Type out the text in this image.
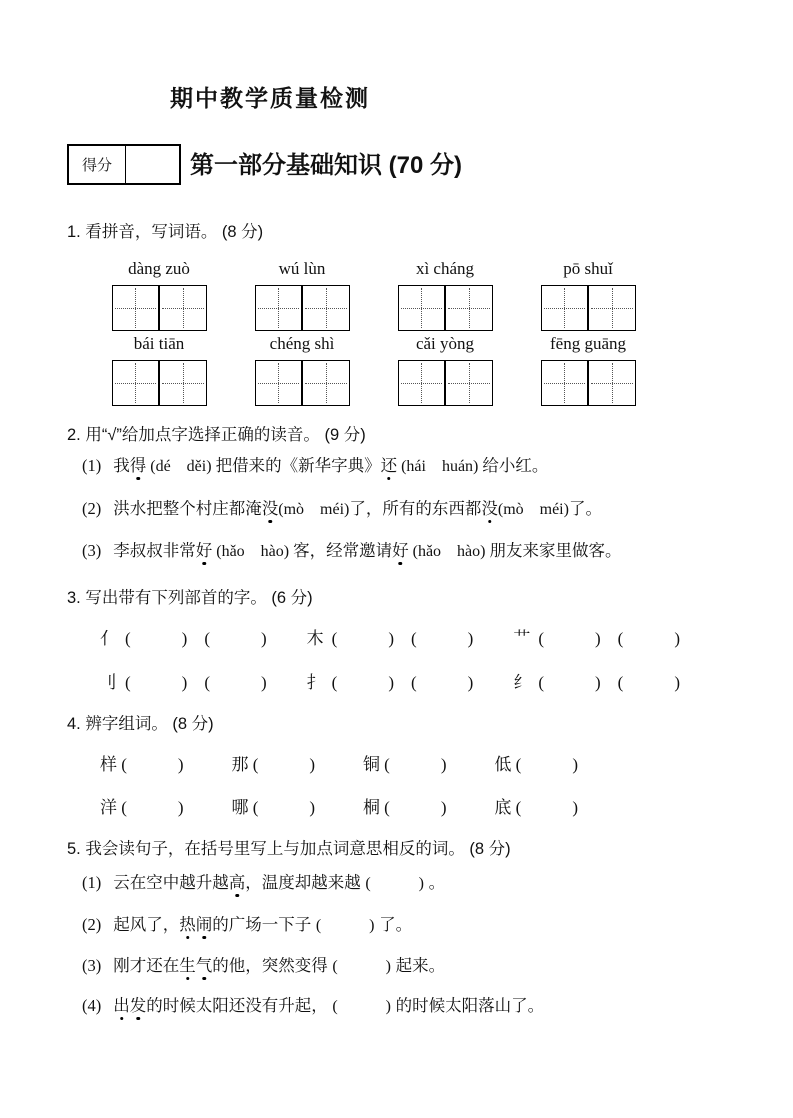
期中教学质量检测
得分	第一部分基础知识 (70 分)
1. 看拼音，写词语。 (8 分)
dàng zuò	wú lùn	xì cháng	pō shuǐ
bái tiān	chéng shì	cǎi yòng	fēng guāng
2. 用“√”给加点字选择正确的读音。 (9 分)
(1) 我得 (dé　děi) 把借来的《新华字典》还 (hái　huán) 给小红。
(2) 洪水把整个村庄都淹没(mò　méi)了，所有的东西都没(mò　méi)了。
(3) 李叔叔非常好 (hǎo　hào) 客，经常邀请好 (hǎo　hào) 朋友来家里做客。
3. 写出带有下列部首的字。 (6 分)
亻 (　　　)　(　　　) 木 (　　　)　(　　　) 艹 (　　　)　(　　　)
刂 (　　　)　(　　　) 扌 (　　　)　(　　　) 纟 (　　　)　(　　　)
4. 辨字组词。 (8 分)
样 (　　　)	那 (　　　)	铜 (　　　)	低 (　　　)
洋 (　　　)	哪 (　　　)	桐 (　　　)	底 (　　　)
5. 我会读句子，在括号里写上与加点词意思相反的词。 (8 分)
(1) 云在空中越升越高，温度却越来越 (　　　) 。
(2) 起风了，热闹的广场一下子 (　　　) 了。
(3) 刚才还在生气的他，突然变得 (　　　) 起来。
(4) 出发的时候太阳还没有升起， (　　　) 的时候太阳落山了。
